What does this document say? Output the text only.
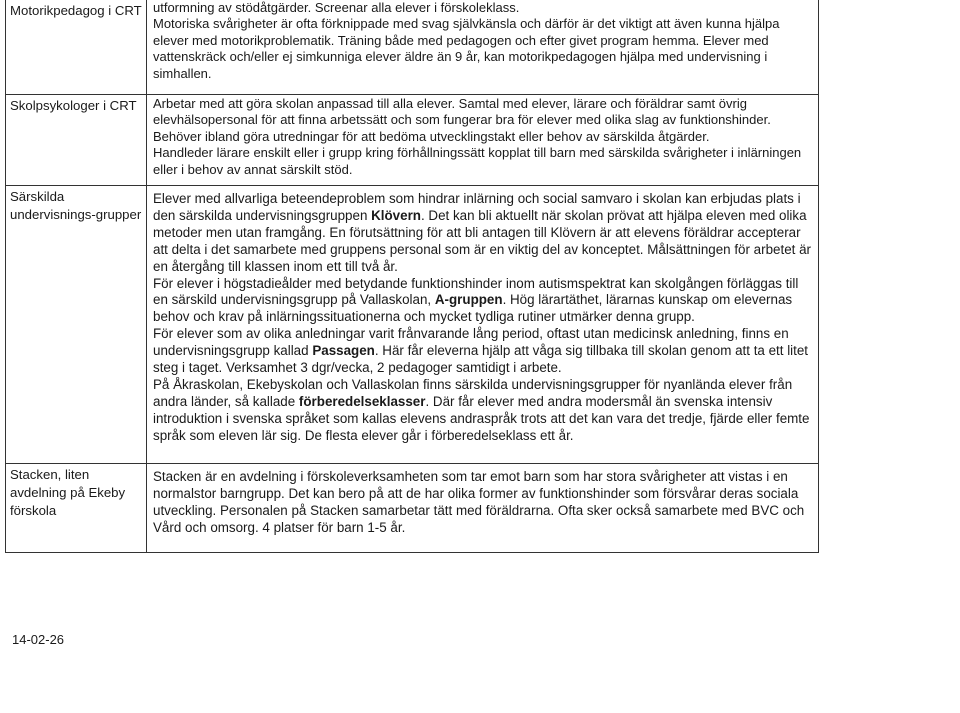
Motorikpedagog i CRT	utformning av stödåtgärder. Screenar alla elever i förskoleklass.
Motoriska svårigheter är ofta förknippade med svag självkänsla och därför är det viktigt att även kunna hjälpa elever med motorikproblematik. Träning både med pedagogen och efter givet program hemma. Elever med vattenskräck och/eller ej simkunniga elever äldre än 9 år, kan motorikpedagogen hjälpa med undervisning i simhallen.

Skolpsykologer i CRT	Arbetar med att göra skolan anpassad till alla elever. Samtal med elever, lärare och föräldrar samt övrig elevhälsopersonal för att finna arbetssätt och som fungerar bra för elever med olika slag av funktionshinder.
Behöver ibland göra utredningar för att bedöma utvecklingstakt eller behov av särskilda åtgärder.
Handleder lärare enskilt eller i grupp kring förhållningssätt kopplat till barn med särskilda svårigheter i inlärningen eller i behov av annat särskilt stöd.

Särskilda undervisnings-grupper	Elever med allvarliga beteendeproblem som hindrar inlärning och social samvaro i skolan kan erbjudas plats i den särskilda undervisningsgruppen Klövern. Det kan bli aktuellt när skolan prövat att hjälpa eleven med olika metoder men utan framgång. En förutsättning för att bli antagen till Klövern är att elevens föräldrar accepterar att delta i det samarbete med gruppens personal som är en viktig del av konceptet. Målsättningen för arbetet är en återgång till klassen inom ett till två år.
För elever i högstadieålder med betydande funktionshinder inom autismspektrat kan skolgången förläggas till en särskild undervisningsgrupp på Vallaskolan, A-gruppen. Hög lärartäthet, lärarnas kunskap om elevernas behov och krav på inlärningssituationerna och mycket tydliga rutiner utmärker denna grupp.
För elever som av olika anledningar varit frånvarande lång period, oftast utan medicinsk anledning, finns en undervisningsgrupp kallad Passagen. Här får eleverna hjälp att våga sig tillbaka till skolan genom att ta ett litet steg i taget. Verksamhet 3 dgr/vecka, 2 pedagoger samtidigt i arbete.
På Åkraskolan, Ekebyskolan och Vallaskolan finns särskilda undervisningsgrupper för nyanlända elever från andra länder, så kallade förberedelseklasser. Där får elever med andra modersmål än svenska intensiv introduktion i svenska språket som kallas elevens andraspråk trots att det kan vara det tredje, fjärde eller femte språk som eleven lär sig. De flesta elever går i förberedelseklass ett år.

Stacken, liten avdelning på Ekeby förskola	Stacken är en avdelning i förskoleverksamheten som tar emot barn som har stora svårigheter att vistas i en normalstor barngrupp. Det kan bero på att de har olika former av funktionshinder som försvårar deras sociala utveckling. Personalen på Stacken samarbetar tätt med föräldrarna. Ofta sker också samarbete med BVC och Vård och omsorg. 4 platser för barn 1-5 år.
14-02-26
